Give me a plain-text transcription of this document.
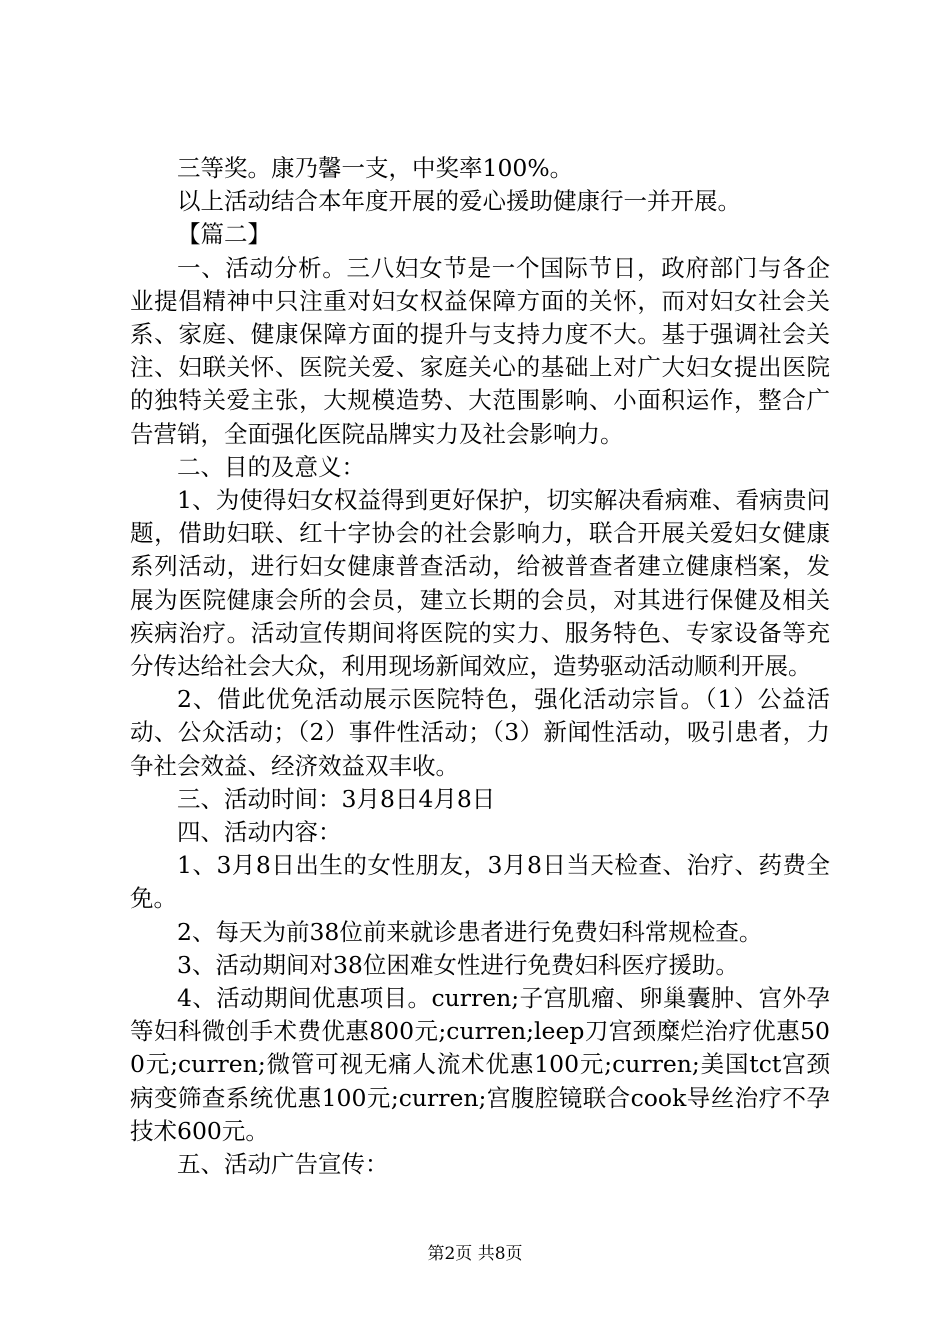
三等奖。康乃馨一支，中奖率100%。

以上活动结合本年度开展的爱心援助健康行一并开展。

【篇二】

一、活动分析。三八妇女节是一个国际节日，政府部门与各企业提倡精神中只注重对妇女权益保障方面的关怀，而对妇女社会关系、家庭、健康保障方面的提升与支持力度不大。基于强调社会关注、妇联关怀、医院关爱、家庭关心的基础上对广大妇女提出医院的独特关爱主张，大规模造势、大范围影响、小面积运作，整合广告营销，全面强化医院品牌实力及社会影响力。

二、目的及意义：

1、为使得妇女权益得到更好保护，切实解决看病难、看病贵问题，借助妇联、红十字协会的社会影响力，联合开展关爱妇女健康系列活动，进行妇女健康普查活动，给被普查者建立健康档案，发展为医院健康会所的会员，建立长期的会员，对其进行保健及相关疾病治疗。活动宣传期间将医院的实力、服务特色、专家设备等充分传达给社会大众，利用现场新闻效应，造势驱动活动顺利开展。

2、借此优免活动展示医院特色，强化活动宗旨。（1）公益活动、公众活动；（2）事件性活动；（3）新闻性活动，吸引患者，力争社会效益、经济效益双丰收。

三、活动时间：3月8日4月8日

四、活动内容：

1、3月8日出生的女性朋友，3月8日当天检查、治疗、药费全免。

2、每天为前38位前来就诊患者进行免费妇科常规检查。

3、活动期间对38位困难女性进行免费妇科医疗援助。

4、活动期间优惠项目。curren;子宫肌瘤、卵巢囊肿、宫外孕等妇科微创手术费优惠800元;curren;leep刀宫颈糜烂治疗优惠500元;curren;微管可视无痛人流术优惠100元;curren;美国tct宫颈病变筛查系统优惠100元;curren;宫腹腔镜联合cook导丝治疗不孕技术600元。

五、活动广告宣传：

第2页 共8页
